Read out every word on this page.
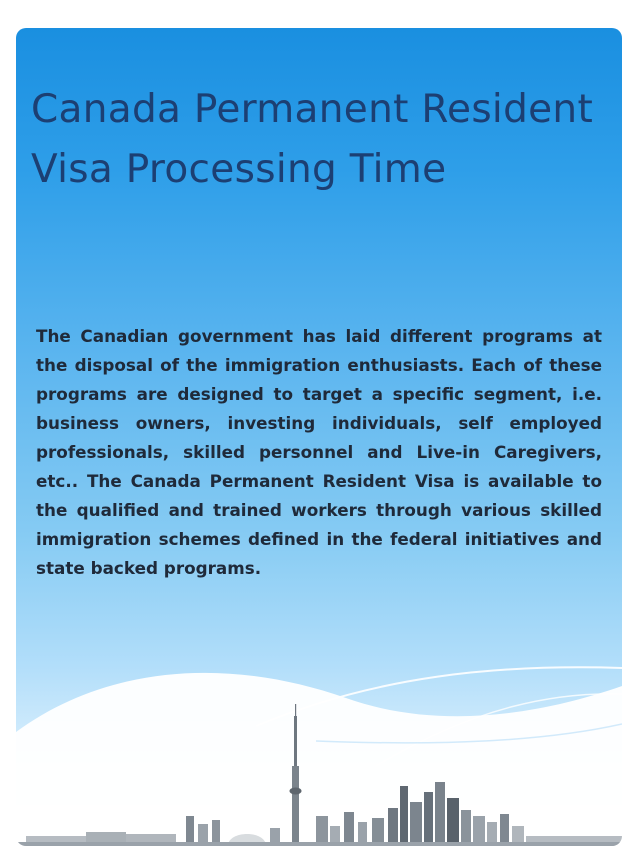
Canada Permanent Resident Visa Processing Time

The Canadian government has laid different programs at the disposal of the immigration enthusiasts. Each of these programs are designed to target a specific segment, i.e. business owners, investing individuals, self employed professionals, skilled personnel and Live-in Caregivers, etc.. The Canada Permanent Resident Visa is available to the qualified and trained workers through various skilled immigration schemes defined in the federal initiatives and state backed programs.
